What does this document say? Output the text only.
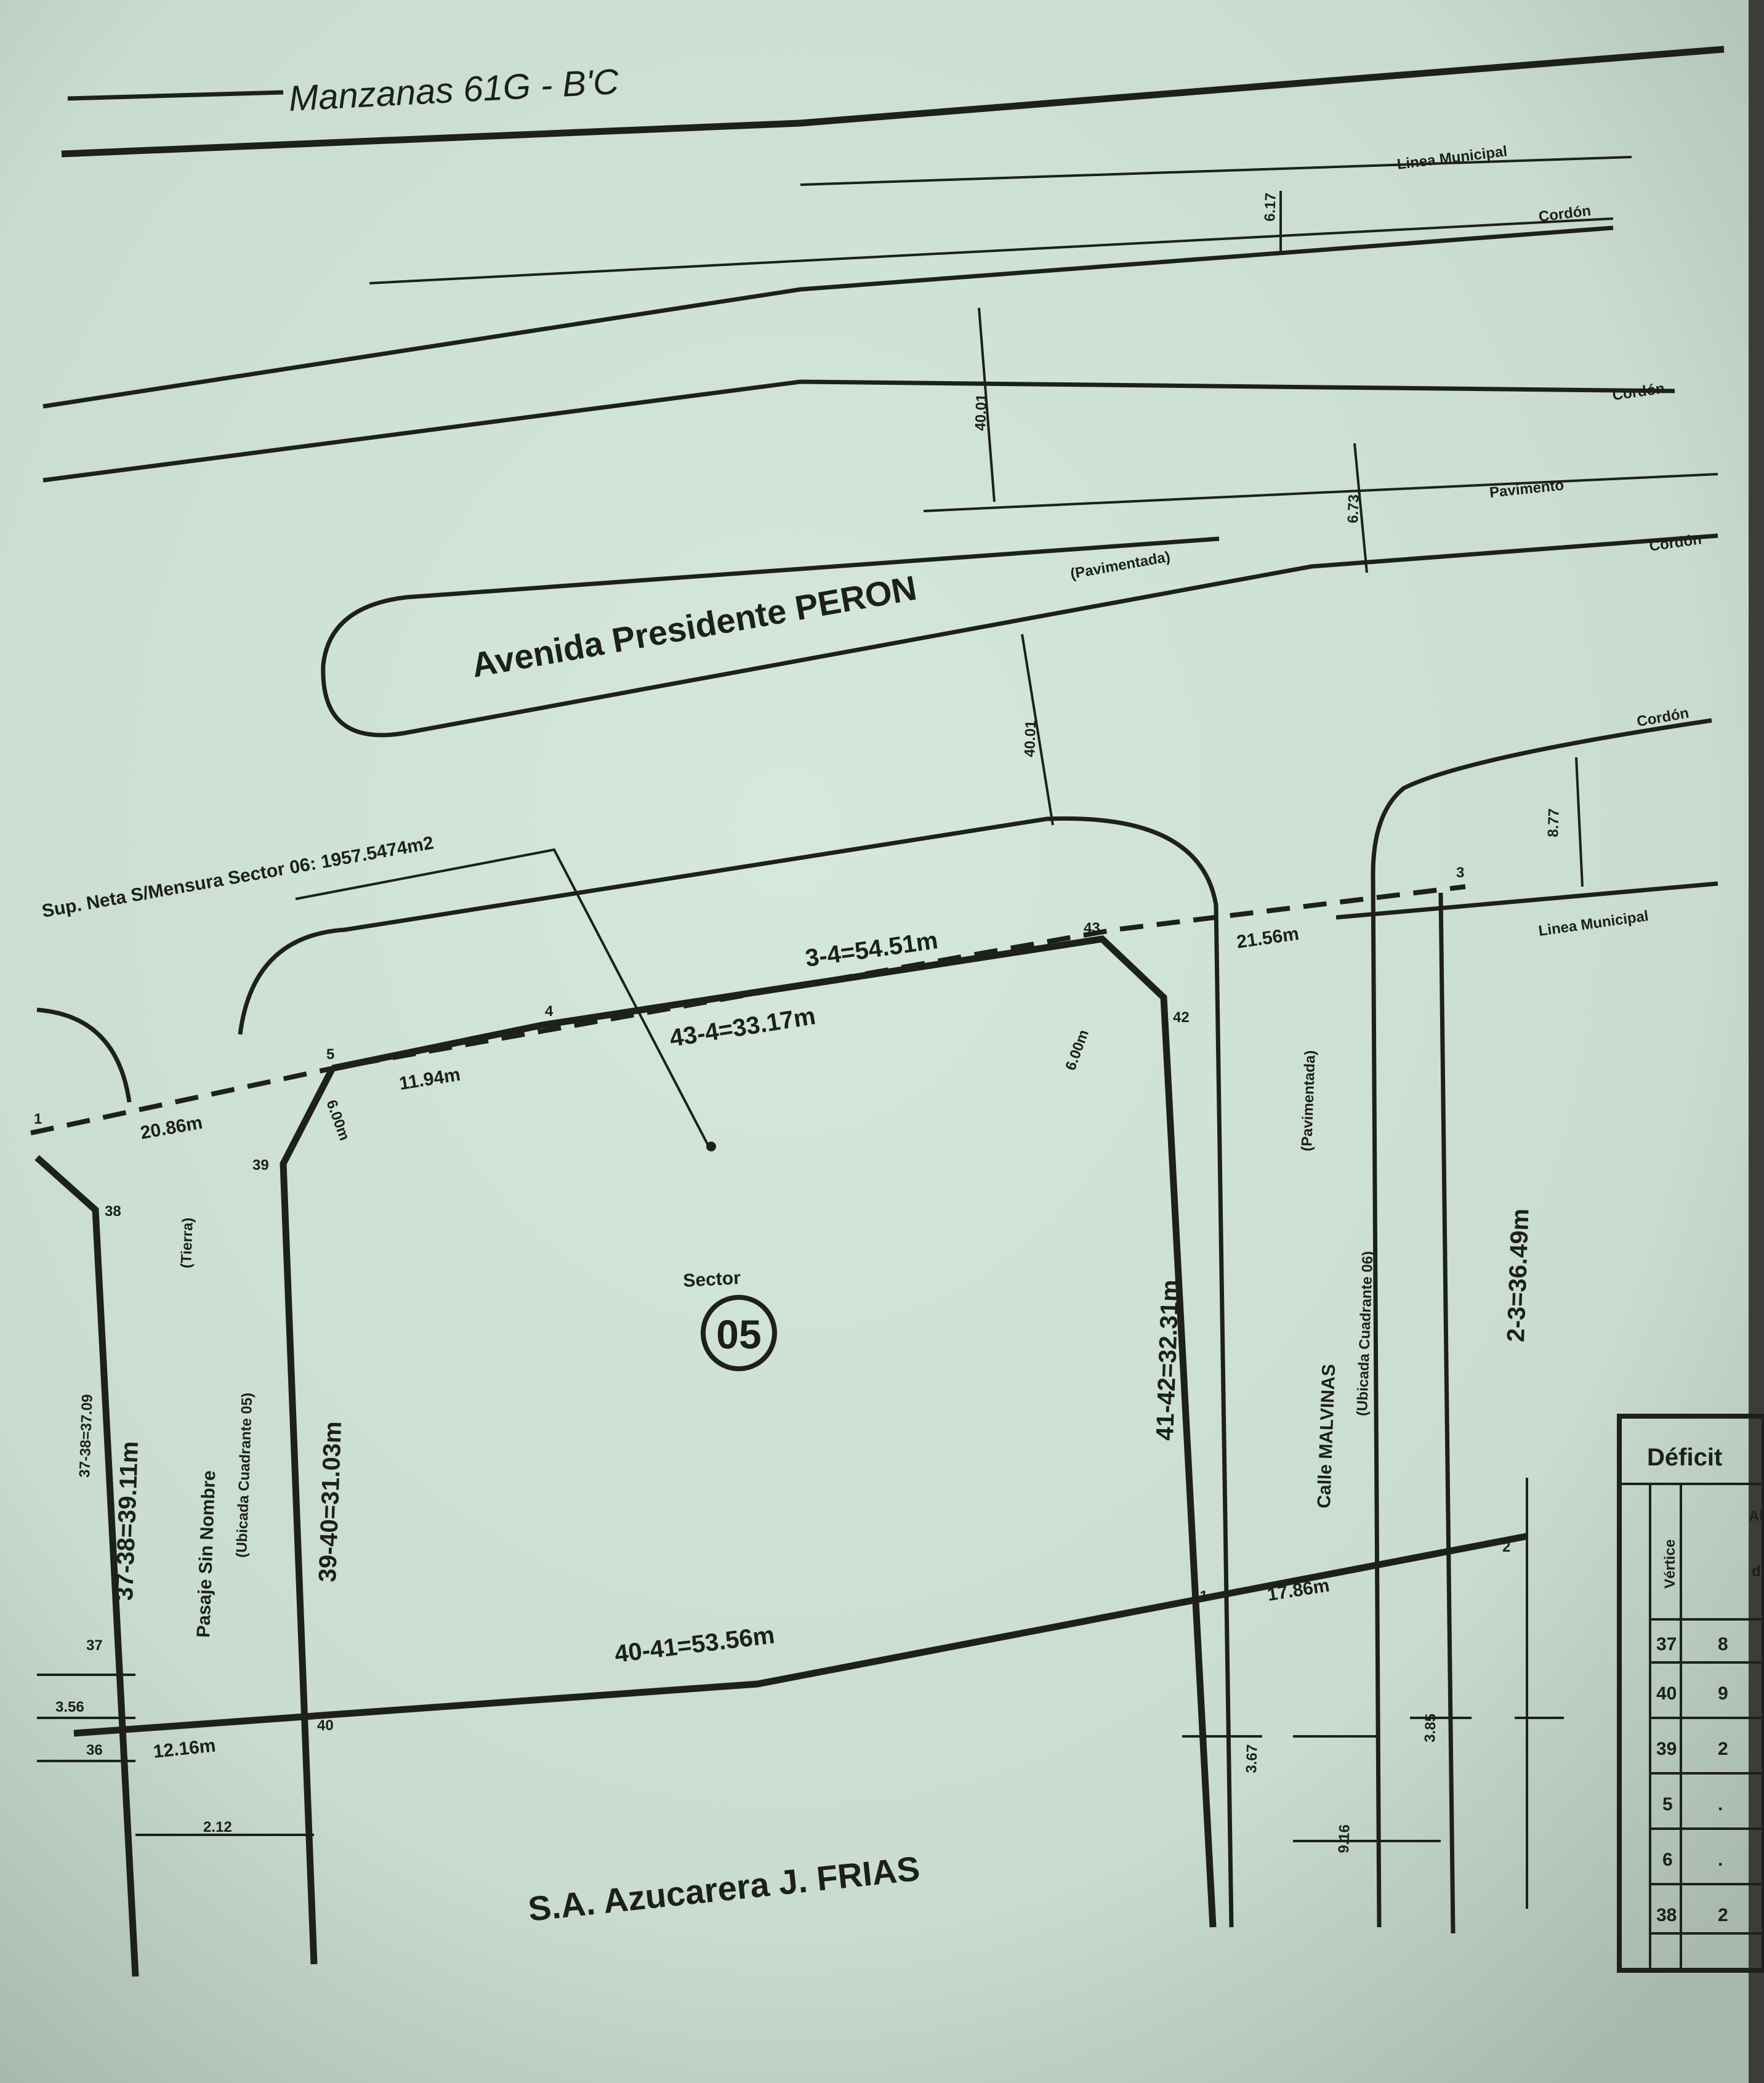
Manzanas 61G - B'C
Linea Municipal
Cordón
6.17
Cordón
40.01
Pavimento
6.73
Cordón
Avenida Presidente PERON
(Pavimentada)
Cordón
8.77
Linea Municipal
Sup. Neta S/Mensura Sector 06: 1957.5474m2
40.01
3.56
2.12
3.67
3.85
9.16
3-4=54.51m
43-4=33.17m
21.56m
11.94m
20.86m	6.00m
6.00m
41-42=32.31m
2-3=36.49m
39-40=31.03m
37-38=39.11m
37-38=37.09
40-41=53.56m
17.86m
12.16m
3
4
5
43
42
41
40
39
38
37
1
2
36
Sector
05
Calle MALVINAS
(Pavimentada)
(Ubicada Cuadrante 06)
Pasaje Sin Nombre
(Tierra)
(Ubicada Cuadrante 05)
S.A. Azucarera J. FRIAS
Déficit
Vértice
Al
d
37 8
40 9
39 2
5 .
6 .
38 2
